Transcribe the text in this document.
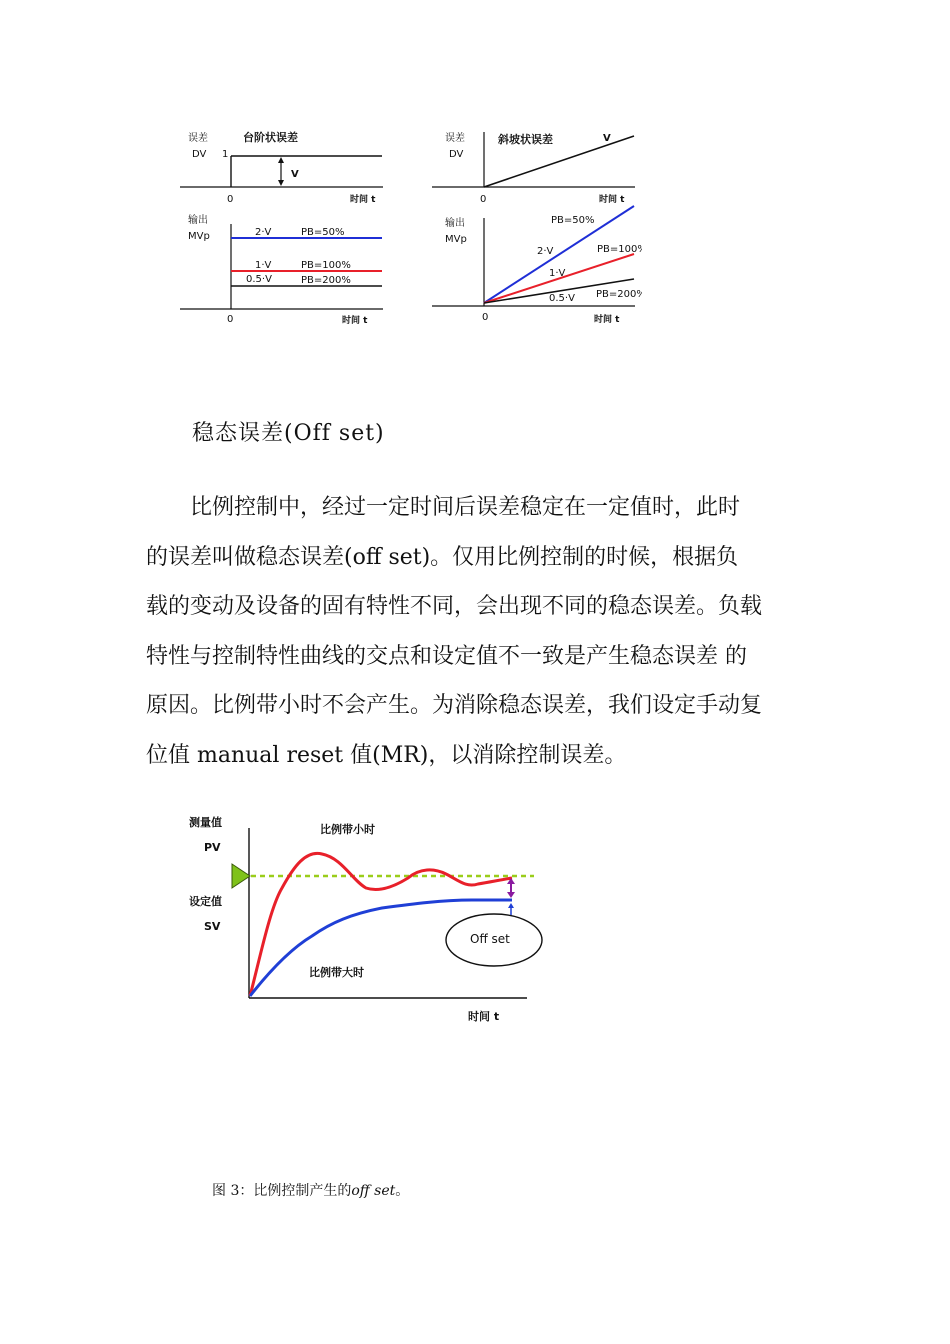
误差
DV
台阶状误差
1
V
0	时间 t
输出
MVp	2·V	PB=50%
1·V	PB=100%
0.5·V	PB=200%
0	时间 t
误差
DV
斜坡状误差	V
0	时间 t
输出
MVp
PB=50%
2·V	PB=100%
1·V
0.5·V PB=200%
0	时间 t
稳态误差(Off set)
　　比例控制中，经过一定时间后误差稳定在一定值时，此时
的误差叫做稳态误差(off set)。仅用比例控制的时候，根据负
载的变动及设备的固有特性不同，会出现不同的稳态误差。负载
特性与控制特性曲线的交点和设定值不一致是产生稳态误差 的
原因。比例带小时不会产生。为消除稳态误差，我们设定手动复
位值 manual reset 值(MR)，以消除控制误差。
Off set
测量值
PV
设定值
SV
比例带小时
比例带大时
时间 t
图 3：比例控制产生的off set。
